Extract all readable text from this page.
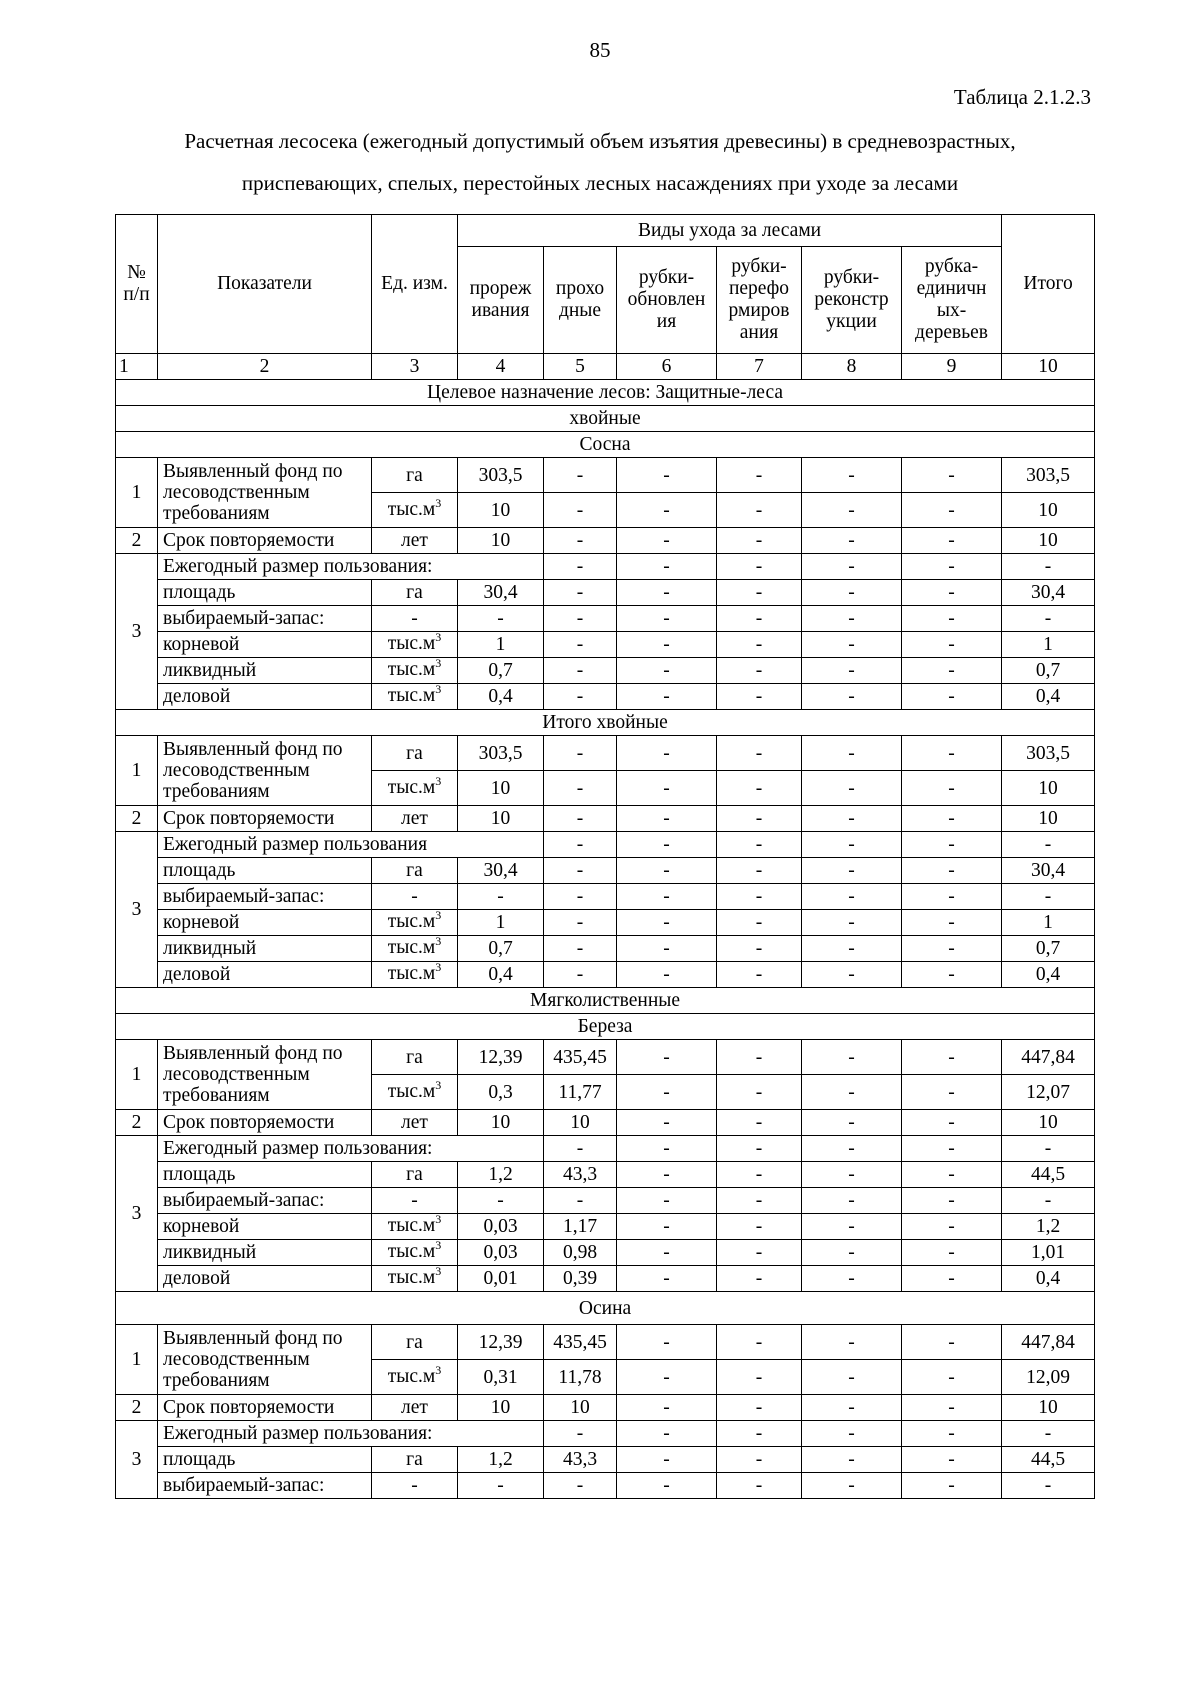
85
Таблица 2.1.2.3
Расчетная лесосека (ежегодный допустимый объем изъятия древесины) в средневозрастных,
приспевающих, спелых, перестойных лесных насаждениях при уходе за лесами
№ п/п	Показатели	Ед. изм.	Виды ухода за лесами						Итого	
			прореж ивания	прохо дные	рубки- обновлен ия	рубки- перефо рмиров ания	рубки- реконстр укции	рубка- единичн ых- деревьев		
1	2	3	4	5	6	7	8	9	10	
Целевое назначение лесов: Защитные-леса										
хвойные										
Сосна										
1	Выявленный фонд по лесоводственным требованиям	га	303,5	-	-	-	-	-	303,5	
		$тыс.м^3$	10	-	-	-	-	-	10	
2	Срок повторяемости	лет	10	-	-	-	-	-	10	
3	Ежегодный размер пользования:			-	-	-	-	-	-	
	площадь	га	30,4	-	-	-	-	-	30,4	
	выбираемый-запас:	-	-	-	-	-	-	-	-	
	корневой	$тыс.м^3$	1	-	-	-	-	-	1	
	ликвидный	$тыс.м^3$	0,7	-	-	-	-	-	0,7	
	деловой	$тыс.м^3$	0,4	-	-	-	-	-	0,4	
Итого хвойные										
1	Выявленный фонд по лесоводственным требованиям	га	303,5	-	-	-	-	-	303,5	
		$тыс.м^3$	10	-	-	-	-	-	10	
2	Срок повторяемости	лет	10	-	-	-	-	-	10	
3	Ежегодный размер пользования			-	-	-	-	-	-	
	площадь	га	30,4	-	-	-	-	-	30,4	
	выбираемый-запас:	-	-	-	-	-	-	-	-	
	корневой	$тыс.м^3$	1	-	-	-	-	-	1	
	ликвидный	$тыс.м^3$	0,7	-	-	-	-	-	0,7	
	деловой	$тыс.м^3$	0,4	-	-	-	-	-	0,4	
Мягколиственные										
Береза										
1	Выявленный фонд по лесоводственным требованиям	га	12,39	435,45	-	-	-	-	447,84	
		$тыс.м^3$	0,3	11,77	-	-	-	-	12,07	
2	Срок повторяемости	лет	10	10	-	-	-	-	10	
3	Ежегодный размер пользования:			-	-	-	-	-	-	
	площадь	га	1,2	43,3	-	-	-	-	44,5	
	выбираемый-запас:	-	-	-	-	-	-	-	-	
	корневой	$тыс.м^3$	0,03	1,17	-	-	-	-	1,2	
	ликвидный	$тыс.м^3$	0,03	0,98	-	-	-	-	1,01	
	деловой	$тыс.м^3$	0,01	0,39	-	-	-	-	0,4	
Осина										
1	Выявленный фонд по лесоводственным требованиям	га	12,39	435,45	-	-	-	-	447,84	
		$тыс.м^3$	0,31	11,78	-	-	-	-	12,09	
2	Срок повторяемости	лет	10	10	-	-	-	-	10	
3	Ежегодный размер пользования:			-	-	-	-	-	-	
	площадь	га	1,2	43,3	-	-	-	-	44,5	
	выбираемый-запас:	-	-	-	-	-	-	-	-	
